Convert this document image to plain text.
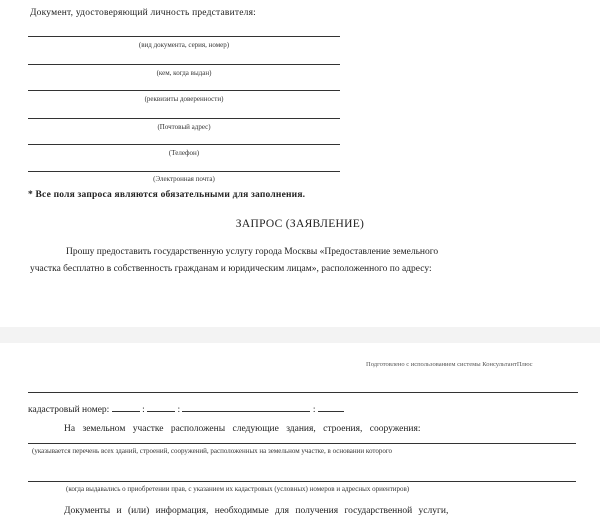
Документ, удостоверяющий личность представителя:
(вид документа, серия, номер)
(кем, когда выдан)
(реквизиты доверенности)
(Почтовый адрес)
(Телефон)
(Электронная почта)
* Все поля запроса являются обязательными для заполнения.
ЗАПРОС (ЗАЯВЛЕНИЕ)
Прошу предоставить государственную услугу города Москвы «Предоставление земельного
участка бесплатно в собственность гражданам и юридическим лицам», расположенного по адресу:
Подготовлено с использованием системы КонсультантПлюс
кадастровый номер:	:	:	:
На земельном участке расположены следующие здания, строения, сооружения:
(указывается перечень всех зданий, строений, сооружений, расположенных на земельном участке, в основании которого
(когда выдавались о приобретении прав, с указанием их кадастровых (условных) номеров и адресных ориентиров)
Документы и (или) информация, необходимые для получения государственной услуги,
